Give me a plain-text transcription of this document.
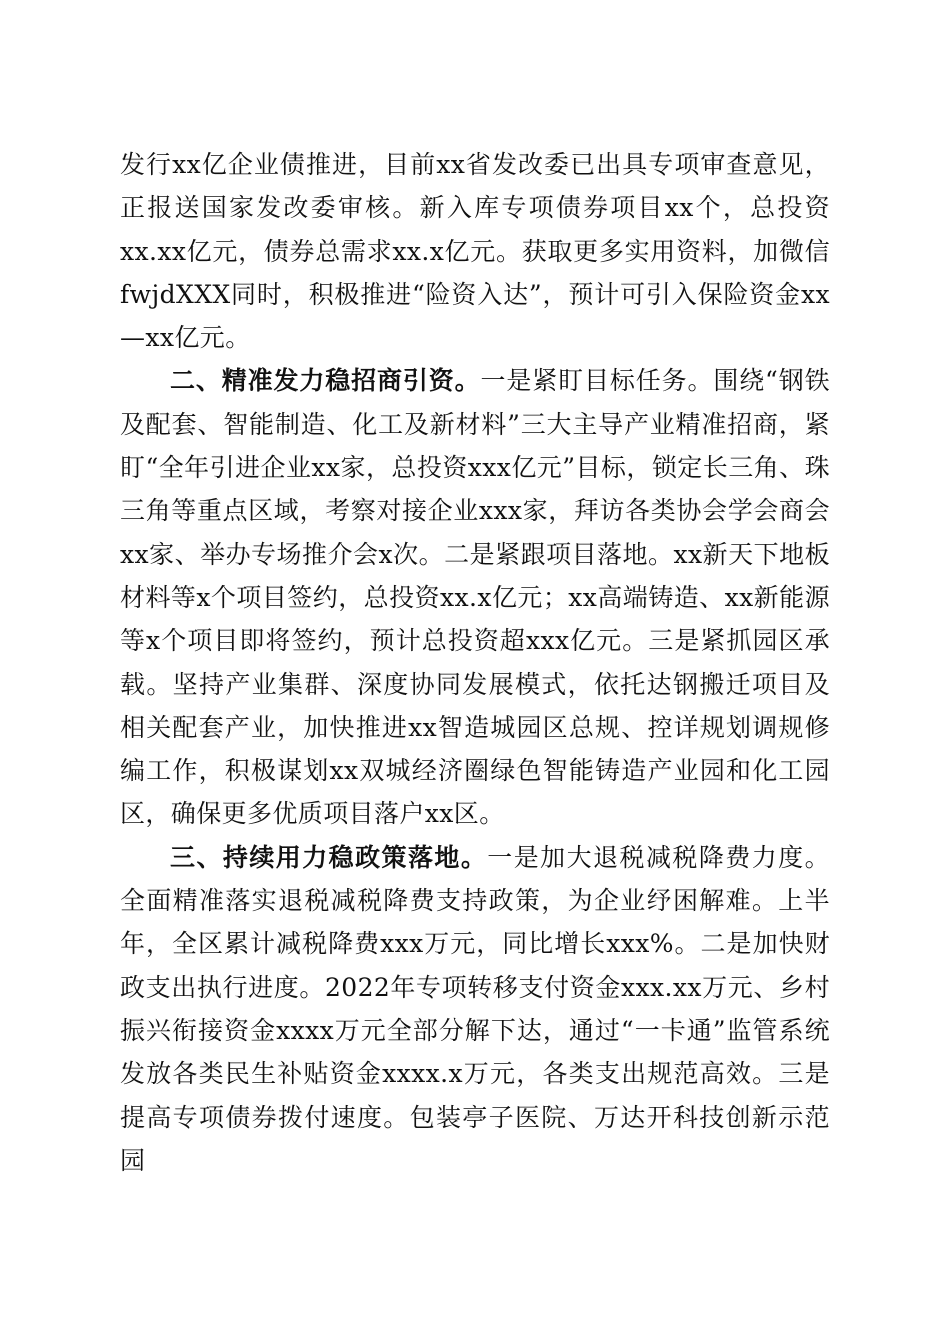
发行xx亿企业债推进，目前xx省发改委已出具专项审查意见，正报送国家发改委审核。新入库专项债券项目xx个，总投资xx.xx亿元，债券总需求xx.x亿元。获取更多实用资料，加微信fwjdXXX同时，积极推进“险资入达”，预计可引入保险资金xx—xx亿元。

二、精准发力稳招商引资。一是紧盯目标任务。围绕“钢铁及配套、智能制造、化工及新材料”三大主导产业精准招商，紧盯“全年引进企业xx家，总投资xxx亿元”目标，锁定长三角、珠三角等重点区域，考察对接企业xxx家，拜访各类协会学会商会xx家、举办专场推介会x次。二是紧跟项目落地。xx新天下地板材料等x个项目签约，总投资xx.x亿元；xx高端铸造、xx新能源等x个项目即将签约，预计总投资超xxx亿元。三是紧抓园区承载。坚持产业集群、深度协同发展模式，依托达钢搬迁项目及相关配套产业，加快推进xx智造城园区总规、控详规划调规修编工作，积极谋划xx双城经济圈绿色智能铸造产业园和化工园区，确保更多优质项目落户xx区。

三、持续用力稳政策落地。一是加大退税减税降费力度。全面精准落实退税减税降费支持政策，为企业纾困解难。上半年，全区累计减税降费xxx万元，同比增长xxx%。二是加快财政支出执行进度。2022年专项转移支付资金xxx.xx万元、乡村振兴衔接资金xxxx万元全部分解下达，通过“一卡通”监管系统发放各类民生补贴资金xxxx.x万元，各类支出规范高效。三是提高专项债券拨付速度。包装亭子医院、万达开科技创新示范园
